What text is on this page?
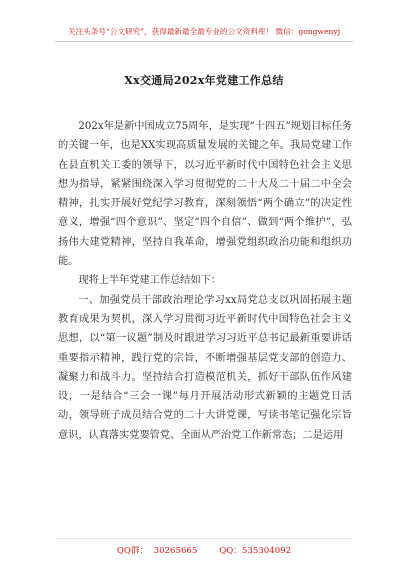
关注头条号“公文研究”，获得最新最全最专业的公文资料库！ 微信：gongwenyj
Xx交通局202x年党建工作总结

202x年是新中国成立75周年，是实现“十四五”规划目标任务的关键一年，也是XX实现高质量发展的关键之年。我局党建工作在县直机关工委的领导下，以习近平新时代中国特色社会主义思想为指导，紧紧围绕深入学习贯彻党的二十大及二十届二中全会精神，扎实开展好党纪学习教育，深刻领悟“两个确立”的决定性意义，增强“四个意识”、坚定“四个自信”、做到“两个维护”，弘扬伟大建党精神，坚持自我革命，增强党组织政治功能和组织功能。

现将上半年党建工作总结如下：

一、加强党员干部政治理论学习xx局党总支以巩固拓展主题教育成果为契机，深入学习贯彻习近平新时代中国特色社会主义思想，以“第一议题”制及时跟进学习习近平总书记最新重要讲话重要指示精神，践行党的宗旨，不断增强基层党支部的创造力、凝聚力和战斗力。坚持结合打造模范机关，抓好干部队伍作风建设，一是结合“三会一课”每月开展活动形式新颖的主题党日活动，领导班子成员结合党的二十大讲党课，写读书笔记强化宗旨意识，认真落实党要管党、全面从严治党工作新常态；二是运用

QQ群：  30265665        QQ：535304092
